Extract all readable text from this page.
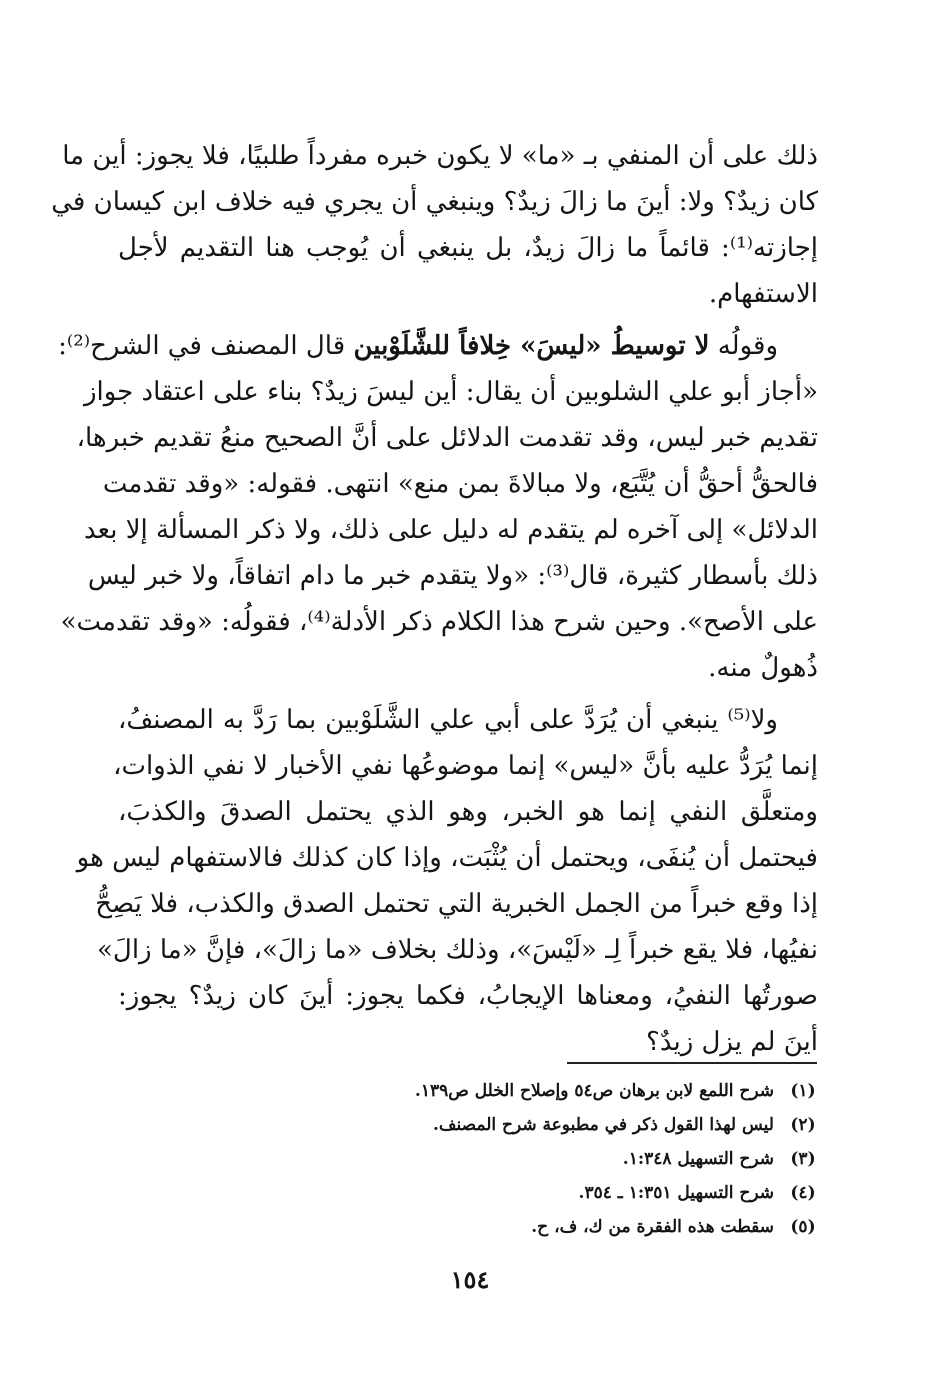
ذلك على أن المنفي بـ «ما» لا يكون خبره مفرداً طلبيًا، فلا يجوز: أين ما
كان زيدٌ؟ ولا: أينَ ما زالَ زيدٌ؟ وينبغي أن يجري فيه خلاف ابن كيسان في
إجازته⁽¹⁾: قائماً ما زالَ زيدٌ، بل ينبغي أن يُوجب هنا التقديم لأجل
الاستفهام.
وقولُه لا توسيطُ «ليسَ» خِلافاً للشَّلَوْبين قال المصنف في الشرح⁽²⁾:
«أجاز أبو علي الشلوبين أن يقال: أين ليسَ زيدٌ؟ بناء على اعتقاد جواز
تقديم خبر ليس، وقد تقدمت الدلائل على أنَّ الصحيح منعُ تقديم خبرها،
فالحقُّ أحقُّ أن يُتَّبَع، ولا مبالاةَ بمن منع» انتهى. فقوله: «وقد تقدمت
الدلائل» إلى آخره لم يتقدم له دليل على ذلك، ولا ذكر المسألة إلا بعد
ذلك بأسطار كثيرة، قال⁽³⁾: «ولا يتقدم خبر ما دام اتفاقاً، ولا خبر ليس
على الأصح». وحين شرح هذا الكلام ذكر الأدلة⁽⁴⁾، فقولُه: «وقد تقدمت»
ذُهولٌ منه.
ولا⁽⁵⁾ ينبغي أن يُرَدَّ على أبي علي الشَّلَوْبين بما رَدَّ به المصنفُ،
إنما يُرَدُّ عليه بأنَّ «ليس» إنما موضوعُها نفي الأخبار لا نفي الذوات،
ومتعلَّق النفي إنما هو الخبر، وهو الذي يحتمل الصدقَ والكذبَ،
فيحتمل أن يُنفَى، ويحتمل أن يُثْبَت، وإذا كان كذلك فالاستفهام ليس هو
إذا وقع خبراً من الجمل الخبرية التي تحتمل الصدق والكذب، فلا يَصِحُّ
نفيُها، فلا يقع خبراً لِـ «لَيْسَ»، وذلك بخلاف «ما زالَ»، فإنَّ «ما زالَ»
صورتُها النفيُ، ومعناها الإيجابُ، فكما يجوز: أينَ كان زيدٌ؟ يجوز:
أينَ لم يزل زيدٌ؟
(١)شرح اللمع لابن برهان ص٥٤ وإصلاح الخلل ص١٣٩.
(٢)ليس لهذا القول ذكر في مطبوعة شرح المصنف.
(٣)شرح التسهيل ١:٣٤٨.
(٤)شرح التسهيل ١:٣٥١ ـ ٣٥٤.
(٥)سقطت هذه الفقرة من ك، ف، ح.
١٥٤
